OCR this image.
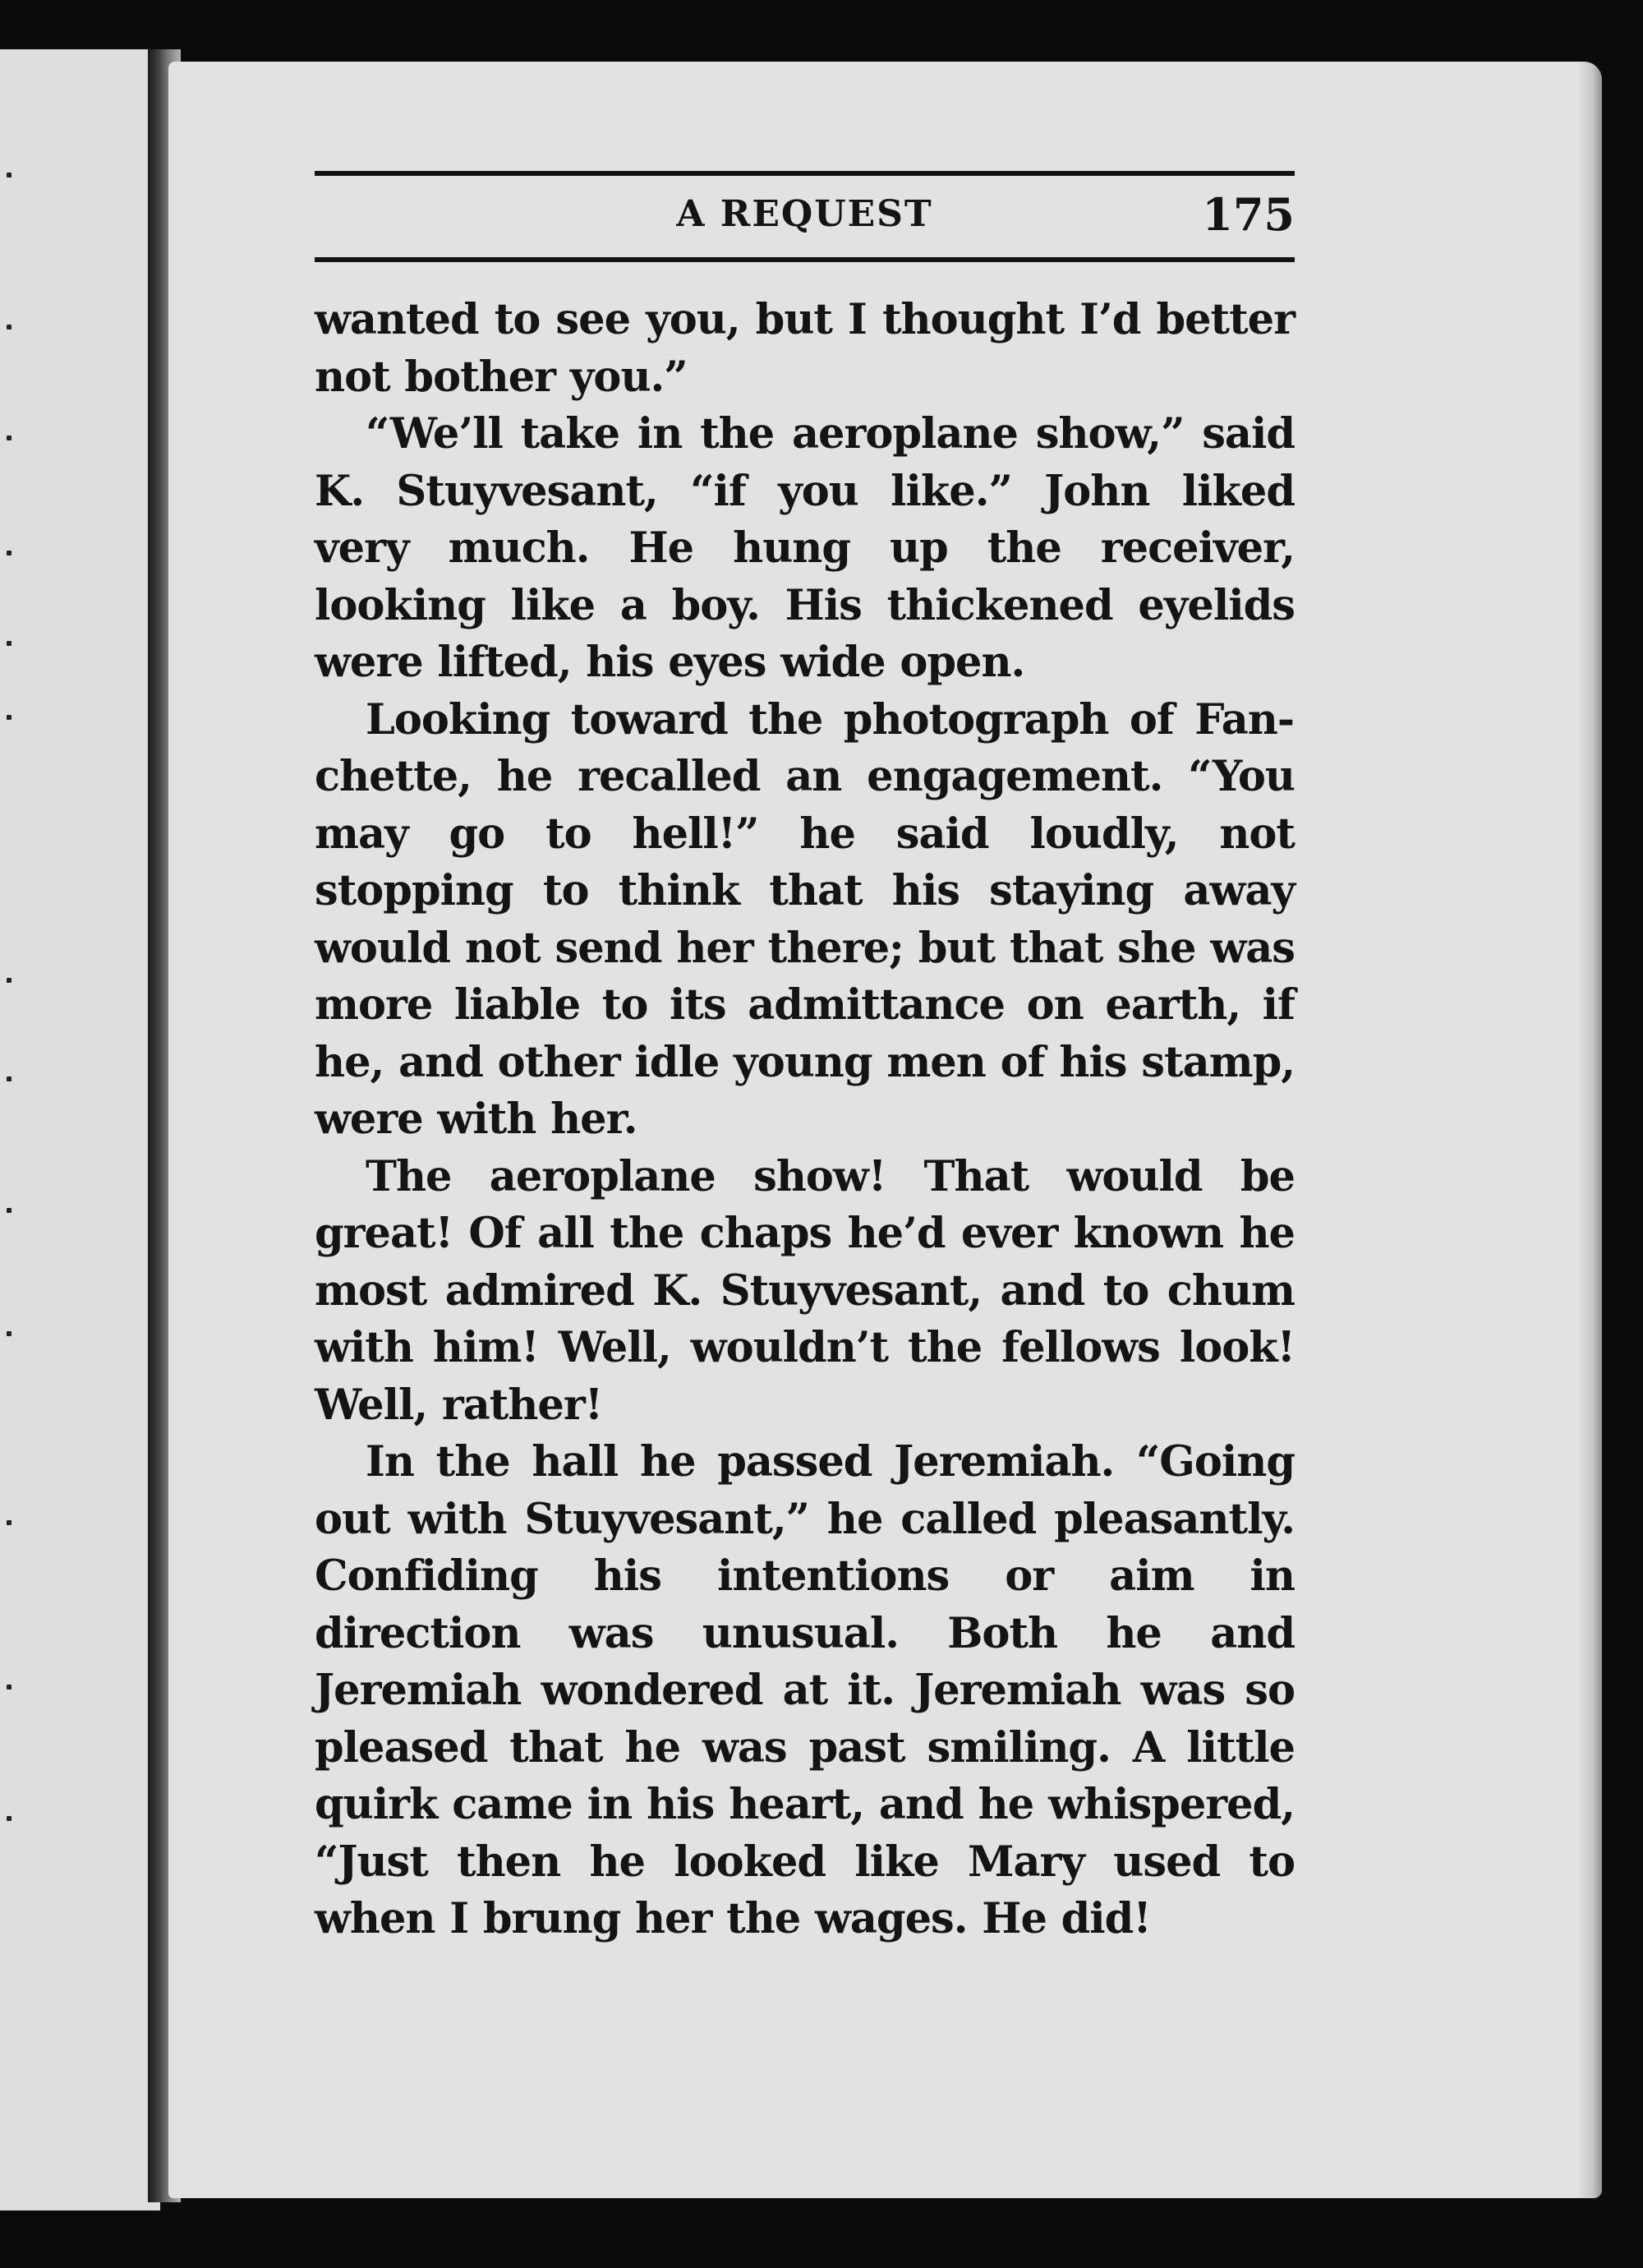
A REQUEST	175

wanted to see you, but I thought I’d better not bother you.”

“We’ll take in the aeroplane show,” said K. Stuyvesant, “if you like.” John liked very much. He hung up the receiver, looking like a boy. His thickened eyelids were lifted, his eyes wide open.

Looking toward the photograph of Fanchette, he recalled an engagement. “You may go to hell!” he said loudly, not stopping to think that his staying away would not send her there; but that she was more liable to its admittance on earth, if he, and other idle young men of his stamp, were with her.

The aeroplane show! That would be great! Of all the chaps he’d ever known he most admired K. Stuyvesant, and to chum with him! Well, wouldn’t the fellows look! Well, rather!

In the hall he passed Jeremiah. “Going out with Stuyvesant,” he called pleasantly. Confiding his intentions or aim in direction was unusual. Both he and Jeremiah wondered at it. Jeremiah was so pleased that he was past smiling. A little quirk came in his heart, and he whispered, “Just then he looked like Mary used to when I brung her the wages. He did!
